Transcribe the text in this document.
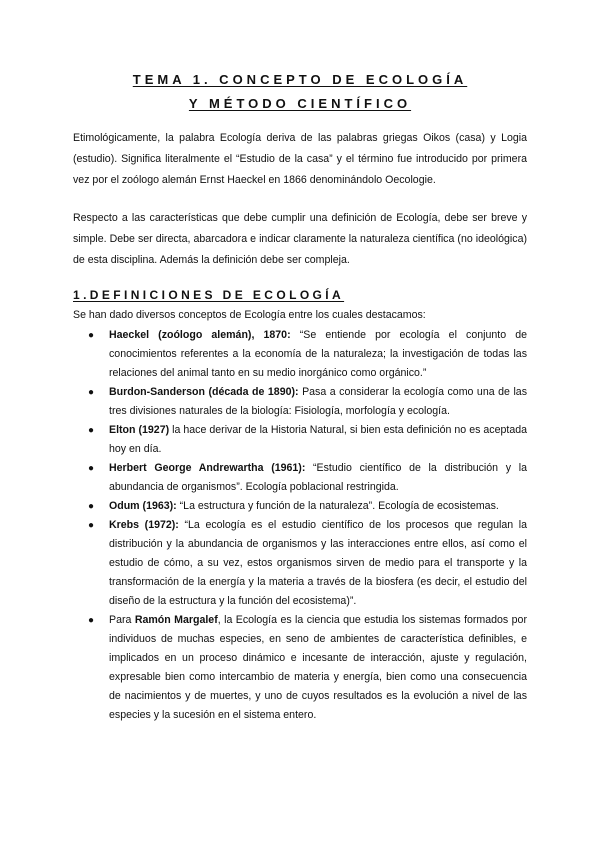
TEMA 1. CONCEPTO DE ECOLOGÍA
Y MÉTODO CIENTÍFICO

Etimológicamente, la palabra Ecología deriva de las palabras griegas Oikos (casa) y Logia (estudio). Significa literalmente el “Estudio de la casa” y el término fue introducido por primera vez por el zoólogo alemán Ernst Haeckel en 1866 denominándolo Oecologie.

Respecto a las características que debe cumplir una definición de Ecología, debe ser breve y simple. Debe ser directa, abarcadora e indicar claramente la naturaleza científica (no ideológica) de esta disciplina. Además la definición debe ser compleja.

1.DEFINICIONES DE ECOLOGÍA

Se han dado diversos conceptos de Ecología entre los cuales destacamos:

● Haeckel (zoólogo alemán), 1870: “Se entiende por ecología el conjunto de conocimientos referentes a la economía de la naturaleza; la investigación de todas las relaciones del animal tanto en su medio inorgánico como orgánico.”
● Burdon-Sanderson (década de 1890): Pasa a considerar la ecología como una de las tres divisiones naturales de la biología: Fisiología, morfología y ecología.
● Elton (1927) la hace derivar de la Historia Natural, si bien esta definición no es aceptada hoy en día.
● Herbert George Andrewartha (1961): “Estudio científico de la distribución y la abundancia de organismos”. Ecología poblacional restringida.
● Odum (1963): “La estructura y función de la naturaleza”. Ecología de ecosistemas.
● Krebs (1972): “La ecología es el estudio científico de los procesos que regulan la distribución y la abundancia de organismos y las interacciones entre ellos, así como el estudio de cómo, a su vez, estos organismos sirven de medio para el transporte y la transformación de la energía y la materia a través de la biosfera (es decir, el estudio del diseño de la estructura y la función del ecosistema)”.
● Para Ramón Margalef, la Ecología es la ciencia que estudia los sistemas formados por individuos de muchas especies, en seno de ambientes de característica definibles, e implicados en un proceso dinámico e incesante de interacción, ajuste y regulación, expresable bien como intercambio de materia y energía, bien como una consecuencia de nacimientos y de muertes, y uno de cuyos resultados es la evolución a nivel de las especies y la sucesión en el sistema entero.
